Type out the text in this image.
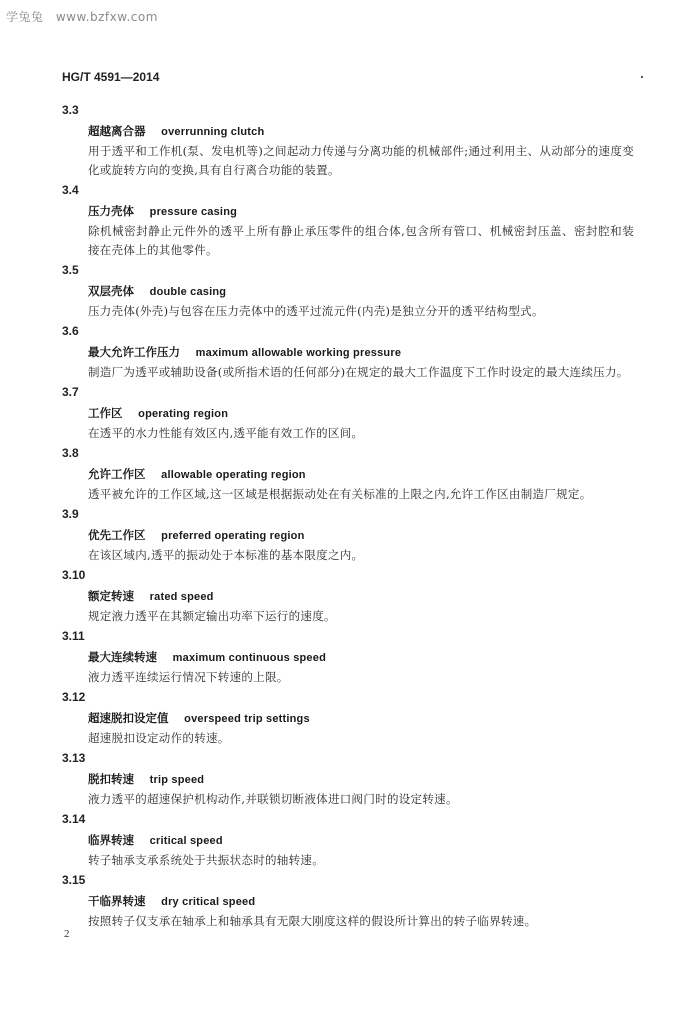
学兔兔 www.bzfxw.com
HG/T 4591—2014
3.3
超越离合器 overrunning clutch
用于透平和工作机(泵、发电机等)之间起动力传递与分离功能的机械部件;通过利用主、从动部分的速度变化或旋转方向的变换,具有自行离合功能的装置。
3.4
压力壳体 pressure casing
除机械密封静止元件外的透平上所有静止承压零件的组合体,包含所有管口、机械密封压盖、密封腔和装接在壳体上的其他零件。
3.5
双层壳体 double casing
压力壳体(外壳)与包容在压力壳体中的透平过流元件(内壳)是独立分开的透平结构型式。
3.6
最大允许工作压力 maximum allowable working pressure
制造厂为透平或辅助设备(或所指术语的任何部分)在规定的最大工作温度下工作时设定的最大连续压力。
3.7
工作区 operating region
在透平的水力性能有效区内,透平能有效工作的区间。
3.8
允许工作区 allowable operating region
透平被允许的工作区域,这一区域是根据振动处在有关标准的上限之内,允许工作区由制造厂规定。
3.9
优先工作区 preferred operating region
在该区域内,透平的振动处于本标准的基本限度之内。
3.10
额定转速 rated speed
规定液力透平在其额定输出功率下运行的速度。
3.11
最大连续转速 maximum continuous speed
液力透平连续运行情况下转速的上限。
3.12
超速脱扣设定值 overspeed trip settings
超速脱扣设定动作的转速。
3.13
脱扣转速 trip speed
液力透平的超速保护机构动作,并联锁切断液体进口阀门时的设定转速。
3.14
临界转速 critical speed
转子轴承支承系统处于共振状态时的轴转速。
3.15
干临界转速 dry critical speed
按照转子仅支承在轴承上和轴承具有无限大刚度这样的假设所计算出的转子临界转速。
2
